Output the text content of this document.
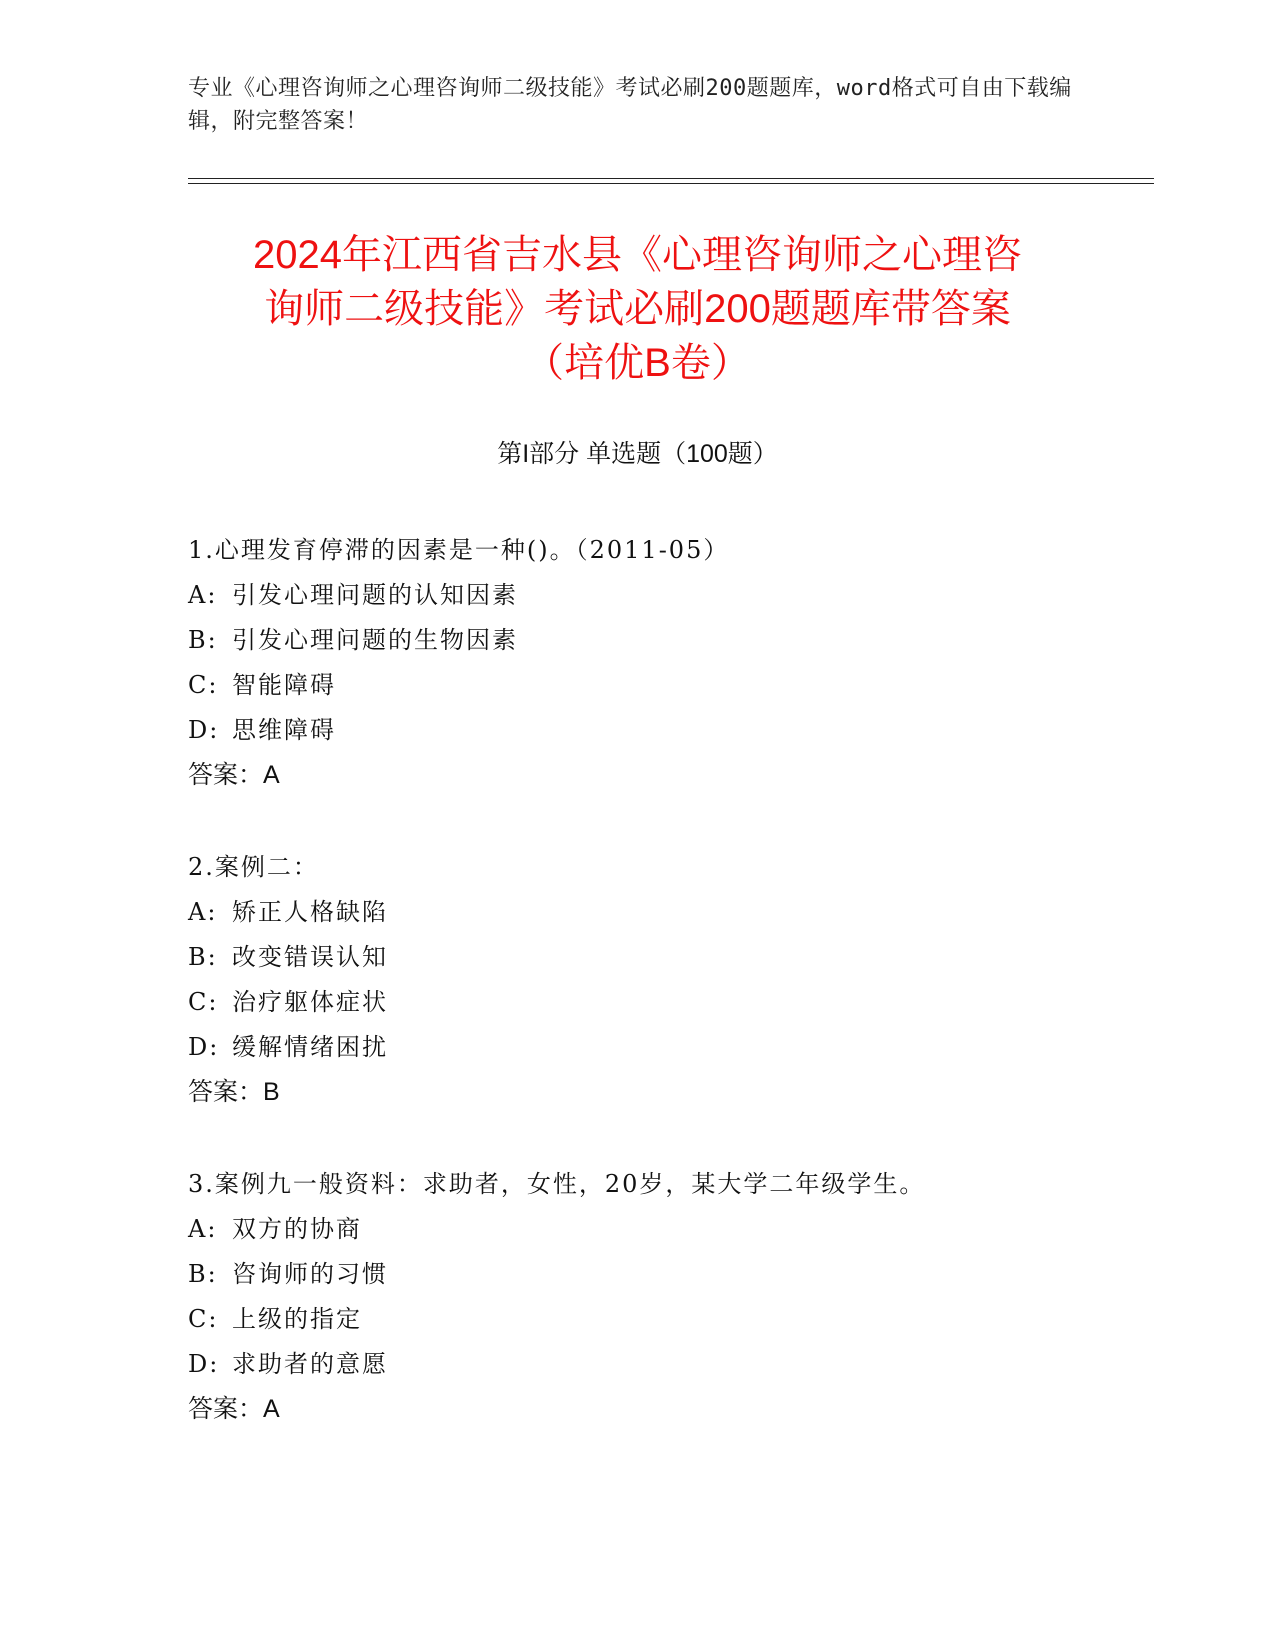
专业《心理咨询师之心理咨询师二级技能》考试必刷200题题库，word格式可自由下载编辑，附完整答案！
2024年江西省吉水县《心理咨询师之心理咨
询师二级技能》考试必刷200题题库带答案
（培优B卷）
第I部分 单选题（100题）
1.心理发育停滞的因素是一种()。（2011-05）
A: 引发心理问题的认知因素
B: 引发心理问题的生物因素
C: 智能障碍
D: 思维障碍
答案：A
2.案例二：
A: 矫正人格缺陷
B: 改变错误认知
C: 治疗躯体症状
D: 缓解情绪困扰
答案：B
3.案例九一般资料：求助者，女性，20岁，某大学二年级学生。
A: 双方的协商
B: 咨询师的习惯
C: 上级的指定
D: 求助者的意愿
答案：A
